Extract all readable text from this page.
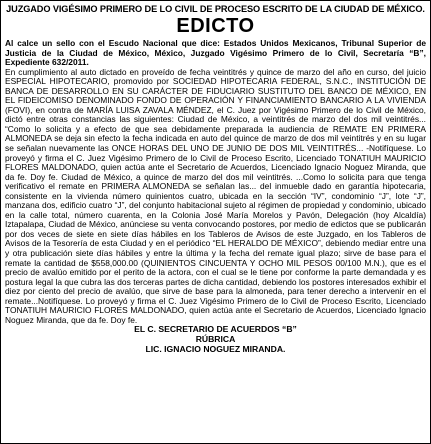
JUZGADO VIGÉSIMO PRIMERO DE LO CIVIL DE PROCESO ESCRITO DE LA CIUDAD DE MÉXICO.
EDICTO

Al calce un sello con el Escudo Nacional que dice: Estados Unidos Mexicanos, Tribunal Superior de Justicia de la Ciudad de México, México, Juzgado Vigésimo Primero de lo Civil, Secretaría “B”, Expediente 632/2011.

En cumplimiento al auto dictado en proveído de fecha veintitrés y quince de marzo del año en curso, del juicio ESPECIAL HIPOTECARIO, promovido por SOCIEDAD HIPOTECARIA FEDERAL, S.N.C., INSTITUCIÓN DE BANCA DE DESARROLLO EN SU CARÁCTER DE FIDUCIARIO SUSTITUTO DEL BANCO DE MÉXICO, EN EL FIDEICOMISO DENOMINADO FONDO DE OPERACIÓN Y FINANCIAMIENTO BANCARIO A LA VIVIENDA (FOVI), en contra de MARÍA LUISA ZAVALA MÉNDEZ, el C. Juez por Vigésimo Primero de lo Civil de México, dictó entre otras constancias las siguientes: Ciudad de México, a veintitrés de marzo del dos mil veintitrés... “Como lo solicita y a efecto de que sea debidamente preparada la audiencia de REMATE EN PRIMERA ALMONEDA se deja sin efecto la fecha indicada en auto del quince de marzo de dos mil veintitrés y en su lugar se señalan nuevamente las ONCE HORAS DEL UNO DE JUNIO DE DOS MIL VEINTITRÉS... -Notifíquese. Lo proveyó y firma el C. Juez Vigésimo Primero de lo Civil de Proceso Escrito, Licenciado TONATIUH MAURICIO FLORES MALDONADO, quien actúa ante el Secretario de Acuerdos, Licenciado Ignacio Noguez Miranda, que da fe. Doy fe. Ciudad de México, a quince de marzo del dos mil veintitrés. ...Como lo solicita para que tenga verificativo el remate en PRIMERA ALMONEDA se señalan las... del inmueble dado en garantía hipotecaria, consistente en la vivienda número quinientos cuatro, ubicada en la sección “IV”, condominio “J”, lote “J”, manzana dos, edificio cuatro “J”, del conjunto habitacional sujeto al régimen de propiedad y condominio, ubicado en la calle total, número cuarenta, en la Colonia José María Morelos y Pavón, Delegación (hoy Alcaldía) Iztapalapa, Ciudad de México, anúnciese su venta convocando postores, por medio de edictos que se publicarán por dos veces de siete en siete días hábiles en los Tableros de Avisos de este Juzgado, en los Tableros de Avisos de la Tesorería de esta Ciudad y en el periódico “EL HERALDO DE MÉXICO”, debiendo mediar entre una y otra publicación siete días hábiles y entre la última y la fecha del remate igual plazo; sirve de base para el remate la cantidad de $558,000.00 (QUINIENTOS CINCUENTA Y OCHO MIL PESOS 00/100 M.N.), que es el precio de avalúo emitido por el perito de la actora, con el cual se le tiene por conforme la parte demandada y es postura legal la que cubra las dos terceras partes de dicha cantidad, debiendo los postores interesados exhibir el diez por ciento del precio de avalúo, que sirve de base para la almoneda, para tener derecho a intervenir en el remate...Notifíquese. Lo proveyó y firma el C. Juez Vigésimo Primero de lo Civil de Proceso Escrito, Licenciado TONATIUH MAURICIO FLORES MALDONADO, quien actúa ante el Secretario de Acuerdos, Licenciado Ignacio Noguez Miranda, que da fe. Doy fe.

EL C. SECRETARIO DE ACUERDOS “B”
RÚBRICA
LIC. IGNACIO NOGUEZ MIRANDA.
